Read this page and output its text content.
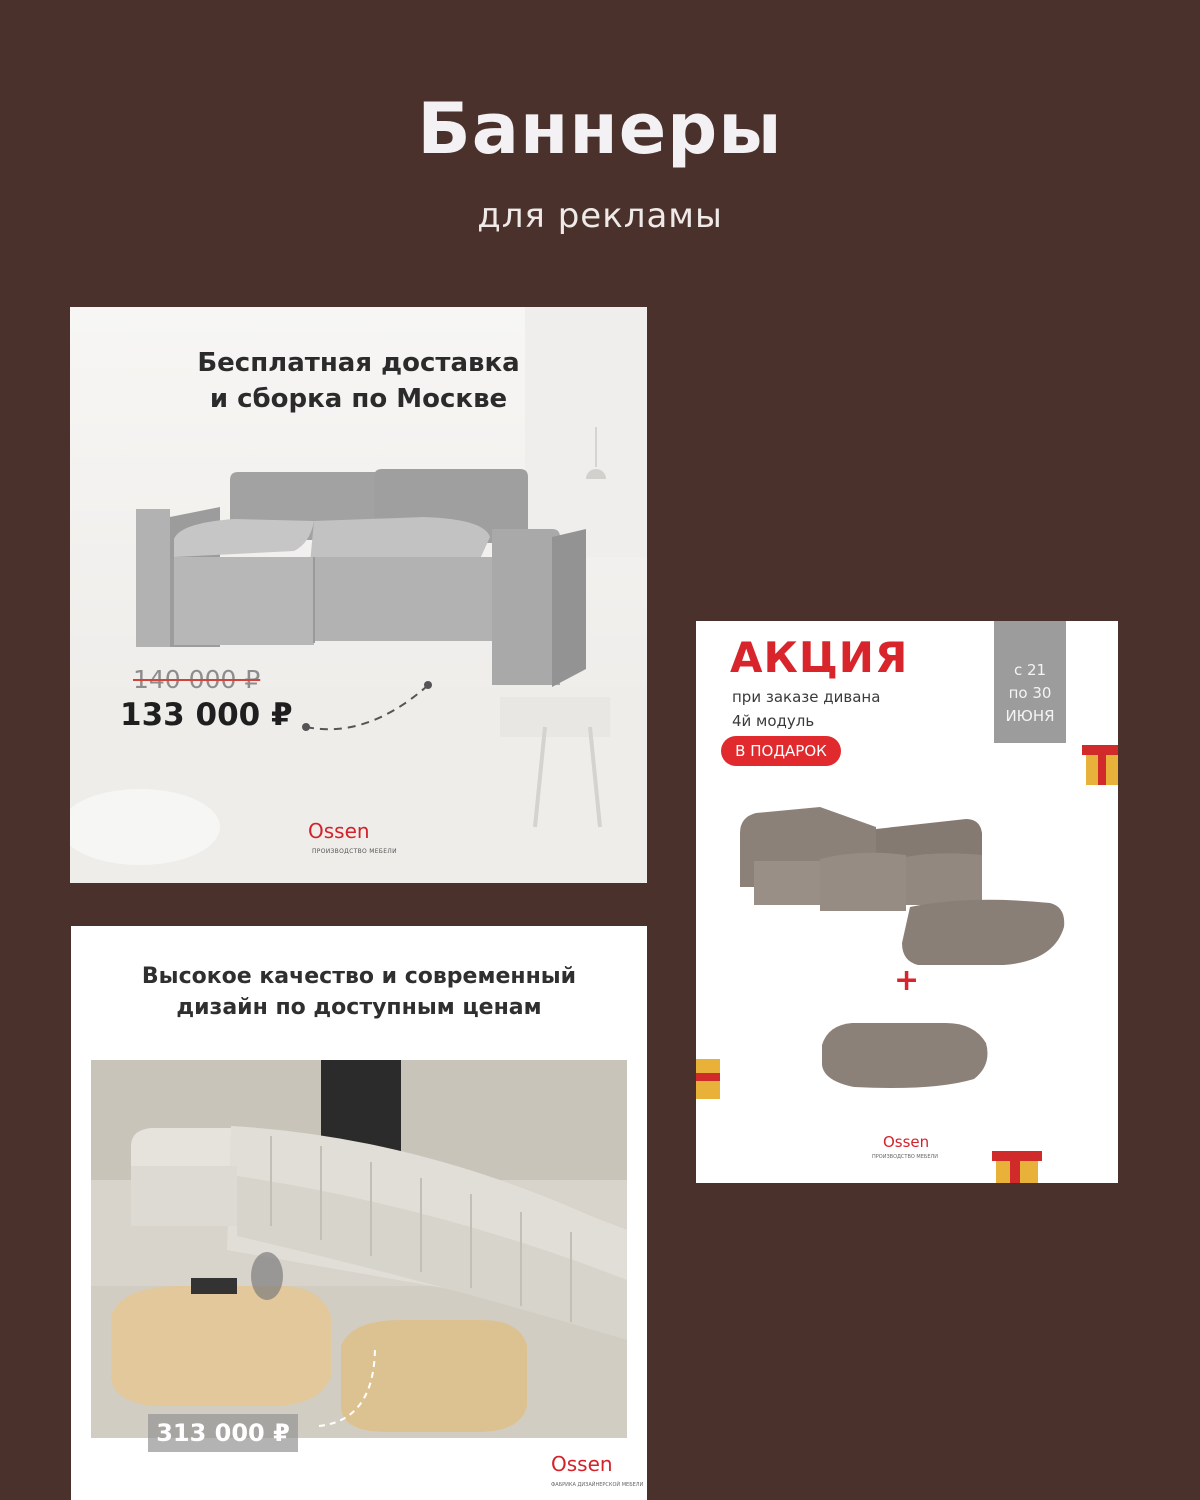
Баннеры
для рекламы
Бесплатная доставка
и сборка по Москве
140 000 ₽
133 000 ₽
Ossen
ПРОИЗВОДСТВО МЕБЕЛИ
с 21
по 30
ИЮНЯ
АКЦИЯ
при заказе дивана
4й модуль
В ПОДАРОК
+
Ossen
ПРОИЗВОДСТВО МЕБЕЛИ
Высокое качество и современный
дизайн по доступным ценам
313 000 ₽
Ossen
ФАБРИКА ДИЗАЙНЕРСКОЙ МЕБЕЛИ
